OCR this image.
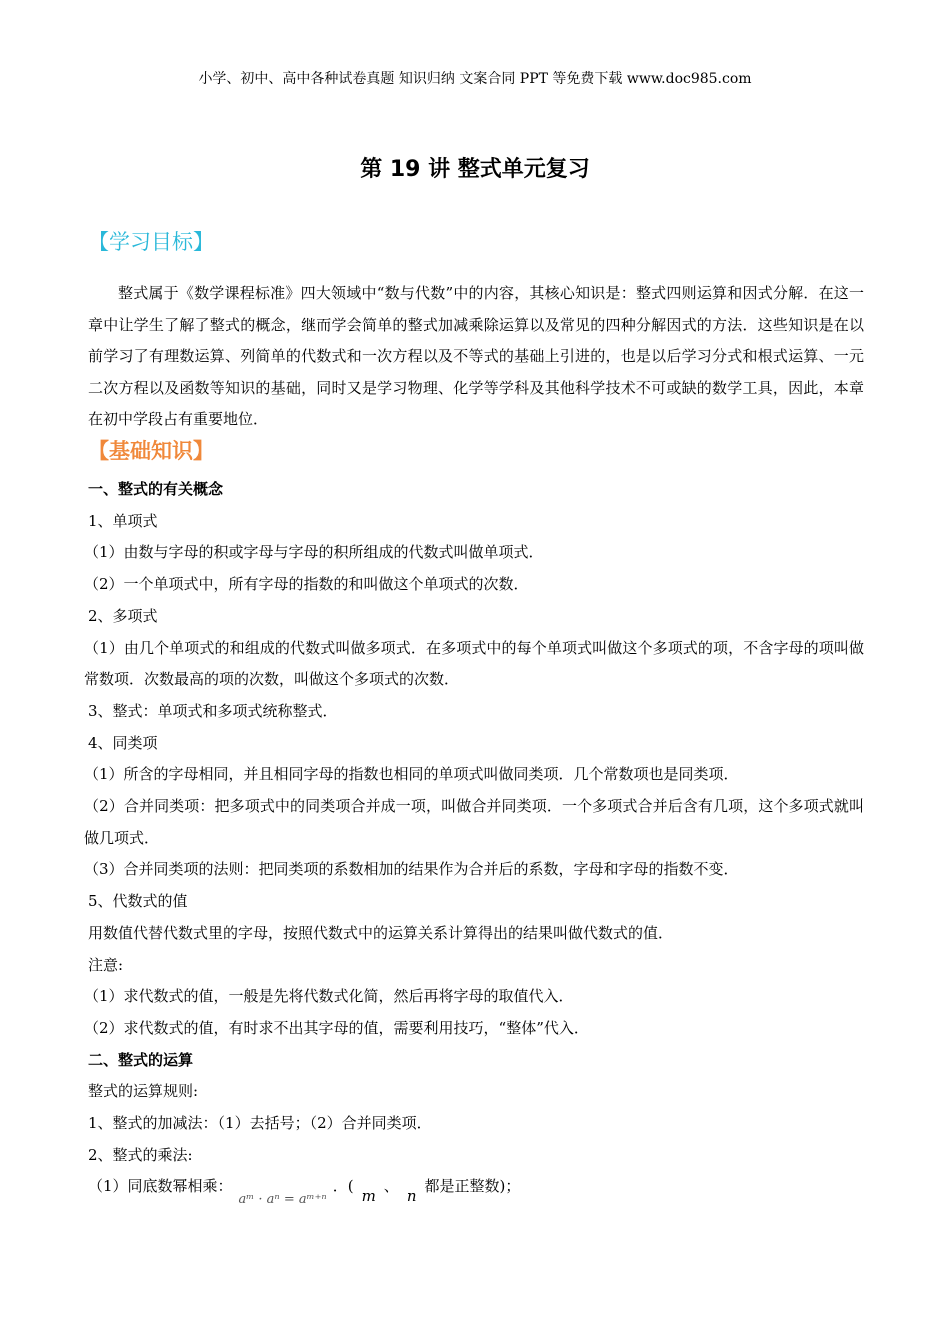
小学、初中、高中各种试卷真题 知识归纳 文案合同 PPT 等免费下载 www.doc985.com
第 19 讲 整式单元复习
【学习目标】

整式属于《数学课程标准》四大领域中“数与代数”中的内容，其核心知识是：整式四则运算和因式分解．在这一章中让学生了解了整式的概念，继而学会简单的整式加减乘除运算以及常见的四种分解因式的方法．这些知识是在以前学习了有理数运算、列简单的代数式和一次方程以及不等式的基础上引进的，也是以后学习分式和根式运算、一元二次方程以及函数等知识的基础，同时又是学习物理、化学等学科及其他科学技术不可或缺的数学工具，因此，本章在初中学段占有重要地位．

【基础知识】

一、整式的有关概念

1、单项式

（1）由数与字母的积或字母与字母的积所组成的代数式叫做单项式．

（2）一个单项式中，所有字母的指数的和叫做这个单项式的次数．

2、多项式

（1）由几个单项式的和组成的代数式叫做多项式．在多项式中的每个单项式叫做这个多项式的项，不含字母的项叫做常数项．次数最高的项的次数，叫做这个多项式的次数．

3、整式：单项式和多项式统称整式．

4、同类项

（1）所含的字母相同，并且相同字母的指数也相同的单项式叫做同类项．几个常数项也是同类项．

（2）合并同类项：把多项式中的同类项合并成一项，叫做合并同类项．一个多项式合并后含有几项，这个多项式就叫做几项式．

（3）合并同类项的法则：把同类项的系数相加的结果作为合并后的系数，字母和字母的指数不变．

5、代数式的值

用数值代替代数式里的字母，按照代数式中的运算关系计算得出的结果叫做代数式的值．

注意:

（1）求代数式的值，一般是先将代数式化简，然后再将字母的取值代入．

（2）求代数式的值，有时求不出其字母的值，需要利用技巧，“整体”代入．

二、整式的运算

整式的运算规则:

1、整式的加减法：（1）去括号；（2）合并同类项．

2、整式的乘法:

（1）同底数幂相乘：aᵐ · aⁿ = aᵐ⁺ⁿ．(m、n都是正整数)；
